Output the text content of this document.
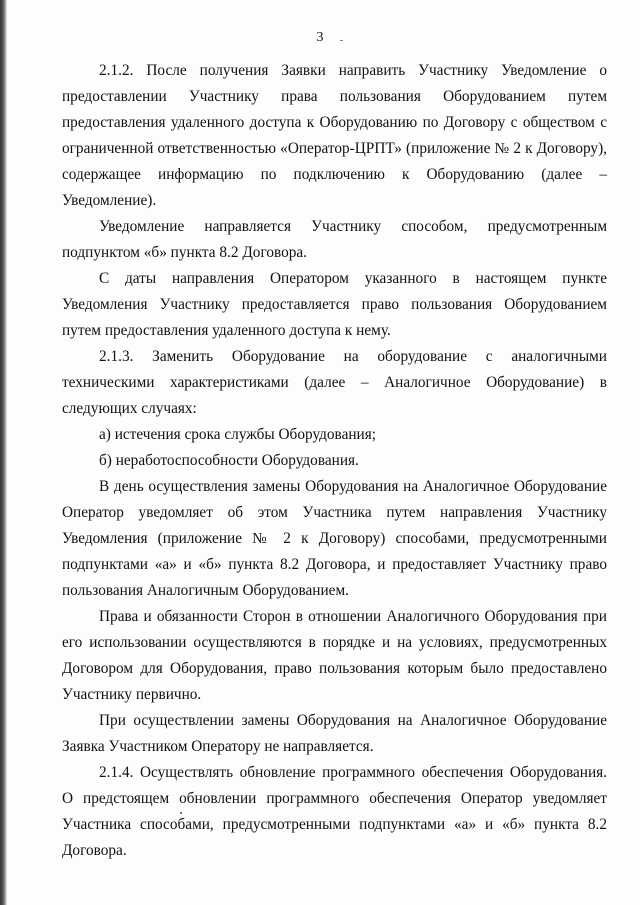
3

2.1.2. После получения Заявки направить Участнику Уведомление о предоставлении Участнику права пользования Оборудованием путем предоставления удаленного доступа к Оборудованию по Договору с обществом с ограниченной ответственностью «Оператор-ЦРПТ» (приложение № 2 к Договору), содержащее информацию по подключению к Оборудованию (далее – Уведомление).

Уведомление направляется Участнику способом, предусмотренным подпунктом «б» пункта 8.2 Договора.

С даты направления Оператором указанного в настоящем пункте Уведомления Участнику предоставляется право пользования Оборудованием путем предоставления удаленного доступа к нему.

2.1.3. Заменить Оборудование на оборудование с аналогичными техническими характеристиками (далее – Аналогичное Оборудование) в следующих случаях:

а) истечения срока службы Оборудования;

б) неработоспособности Оборудования.

В день осуществления замены Оборудования на Аналогичное Оборудование Оператор уведомляет об этом Участника путем направления Участнику Уведомления (приложение № 2 к Договору) способами, предусмотренными подпунктами «а» и «б» пункта 8.2 Договора, и предоставляет Участнику право пользования Аналогичным Оборудованием.

Права и обязанности Сторон в отношении Аналогичного Оборудования при его использовании осуществляются в порядке и на условиях, предусмотренных Договором для Оборудования, право пользования которым было предоставлено Участнику первично.

При осуществлении замены Оборудования на Аналогичное Оборудование Заявка Участником Оператору не направляется.

2.1.4. Осуществлять обновление программного обеспечения Оборудования. О предстоящем обновлении программного обеспечения Оператор уведомляет Участника способами, предусмотренными подпунктами «а» и «б» пункта 8.2 Договора.
